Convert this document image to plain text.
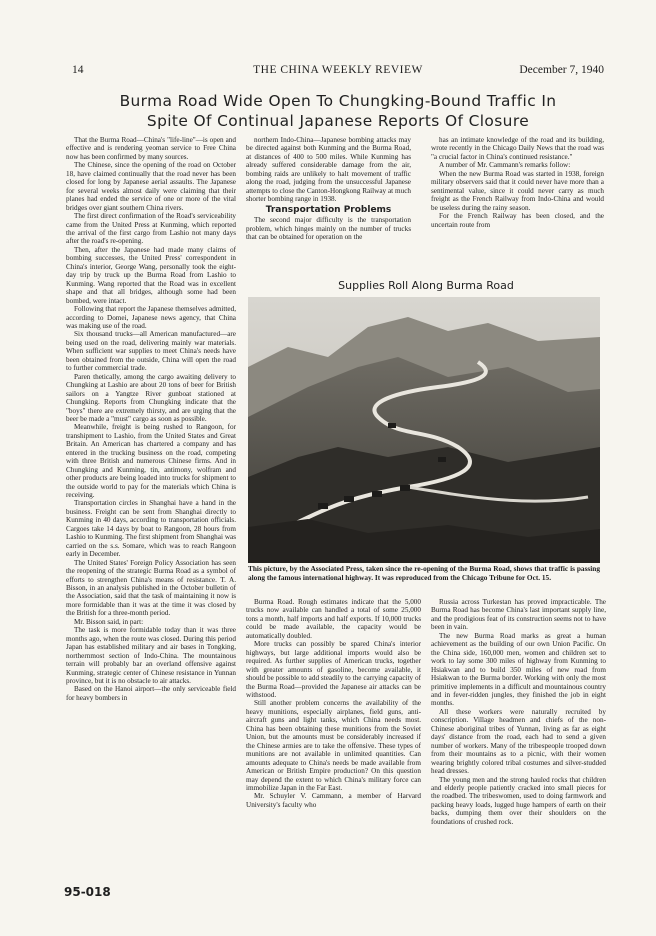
14	THE CHINA WEEKLY REVIEW	December 7, 1940
Burma Road Wide Open To Chungking-Bound Traffic In
Spite Of Continual Japanese Reports Of Closure

That the Burma Road—China's "life-line"—is open and effective and is rendering yeoman service to Free China now has been confirmed by many sources.

The Chinese, since the opening of the road on October 18, have claimed continually that the road never has been closed for long by Japanese aerial assaults. The Japanese for several weeks almost daily were claiming that their planes had ended the service of one or more of the vital bridges over giant southern China rivers.

The first direct confirmation of the Road's serviceability came from the United Press at Kunming, which reported the arrival of the first cargo from Lashio not many days after the road's re-opening.

Then, after the Japanese had made many claims of bombing successes, the United Press' correspondent in China's interior, George Wang, personally took the eight-day trip by truck up the Burma Road from Lashio to Kunming. Wang reported that the Road was in excellent shape and that all bridges, although some had been bombed, were intact.

Following that report the Japanese themselves admitted, according to Domei, Japanese news agency, that China was making use of the road.

Six thousand trucks—all American manufactured—are being used on the road, delivering mainly war materials. When sufficient war supplies to meet China's needs have been obtained from the outside, China will open the road to further commercial trade.

Paren thetically, among the cargo awaiting delivery to Chungking at Lashio are about 20 tons of beer for British sailors on a Yangtze River gunboat stationed at Chungking. Reports from Chungking indicate that the "boys" there are extremely thirsty, and are urging that the beer be made a "must" cargo as soon as possible.

Meanwhile, freight is being rushed to Rangoon, for transhipment to Lashio, from the United States and Great Britain. An American has chartered a company and has entered in the trucking business on the road, competing with three British and numerous Chinese firms. And in Chungking and Kunming, tin, antimony, wolfram and other products are being loaded into trucks for shipment to the outside world to pay for the materials which China is receiving.

Transportation circles in Shanghai have a hand in the business. Freight can be sent from Shanghai directly to Kunming in 40 days, according to transportation officials. Cargoes take 14 days by boat to Rangoon, 28 hours from Lashio to Kunming. The first shipment from Shanghai was carried on the s.s. Somare, which was to reach Rangoon early in December.

The United States' Foreign Policy Association has seen the reopening of the strategic Burma Road as a symbol of efforts to strengthen China's means of resistance. T. A. Bisson, in an analysis published in the October bulletin of the Association, said that the task of maintaining it now is more formidable than it was at the time it was closed by the British for a three-month period.

Mr. Bisson said, in part:

The task is more formidable today than it was three months ago, when the route was closed. During this period Japan has established military and air bases in Tongking, northernmost section of Indo-China. The mountainous terrain will probably bar an overland offensive against Kunming, strategic center of Chinese resistance in Yunnan province, but it is no obstacle to air attacks.

Based on the Hanoi airport—the only serviceable field for heavy bombers in

northern Indo-China—Japanese bombing attacks may be directed against both Kunming and the Burma Road, at distances of 400 to 500 miles. While Kunming has already suffered considerable damage from the air, bombing raids are unlikely to halt movement of traffic along the road, judging from the unsuccessful Japanese attempts to close the Canton-Hongkong Railway at much shorter bombing range in 1938.

Transportation Problems

The second major difficulty is the transportation problem, which hinges mainly on the number of trucks that can be obtained for operation on the

has an intimate knowledge of the road and its building, wrote recently in the Chicago Daily News that the road was "a crucial factor in China's continued resistance."

A number of Mr. Cammann's remarks follow:

When the new Burma Road was started in 1938, foreign military observers said that it could never have more than a sentimental value, since it could never carry as much freight as the French Railway from Indo-China and would be useless during the rainy season.

For the French Railway has been closed, and the uncertain route from

Supplies Roll Along Burma Road
This picture, by the Associated Press, taken since the re-opening of the Burma Road, shows that traffic is passing along the famous international highway. It was reproduced from the Chicago Tribune for Oct. 15.

Burma Road. Rough estimates indicate that the 5,000 trucks now available can handled a total of some 25,000 tons a month, half imports and half exports. If 10,000 trucks could be made available, the capacity would be automatically doubled.

More trucks can possibly be spared China's interior highways, but large additional imports would also be required. As further supplies of American trucks, together with greater amounts of gasoline, become available, it should be possible to add steadily to the carrying capacity of the Burma Road—provided the Japanese air attacks can be withstood.

Still another problem concerns the availability of the heavy munitions, especially airplanes, field guns, anti-aircraft guns and light tanks, which China needs most. China has been obtaining these munitions from the Soviet Union, but the amounts must be considerably increased if the Chinese armies are to take the offensive. These types of munitions are not available in unlimited quantities. Can amounts adequate to China's needs be made available from American or British Empire production? On this question may depend the extent to which China's military force can immobilize Japan in the Far East.

Mr. Schuyler V. Cammann, a member of Harvard University's faculty who

Russia across Turkestan has proved impracticable. The Burma Road has become China's last important supply line, and the prodigious feat of its construction seems not to have been in vain.

The new Burma Road marks as great a human achievement as the building of our own Union Pacific. On the China side, 160,000 men, women and children set to work to lay some 300 miles of highway from Kunming to Hsiakwan and to build 350 miles of new road from Hsiakwan to the Burma border. Working with only the most primitive implements in a difficult and mountainous country and in fever-ridden jungles, they finished the job in eight months.

All these workers were naturally recruited by conscription. Village headmen and chiefs of the non-Chinese aboriginal tribes of Yunnan, living as far as eight days' distance from the road, each had to send a given number of workers. Many of the tribespeople trooped down from their mountains as to a picnic, with their women wearing brightly colored tribal costumes and silver-studded head dresses.

The young men and the strong hauled rocks that children and elderly people patiently cracked into small pieces for the roadbed. The tribeswomen, used to doing farmwork and packing heavy loads, lugged huge hampers of earth on their backs, dumping them over their shoulders on the foundations of crushed rock.

95-018
